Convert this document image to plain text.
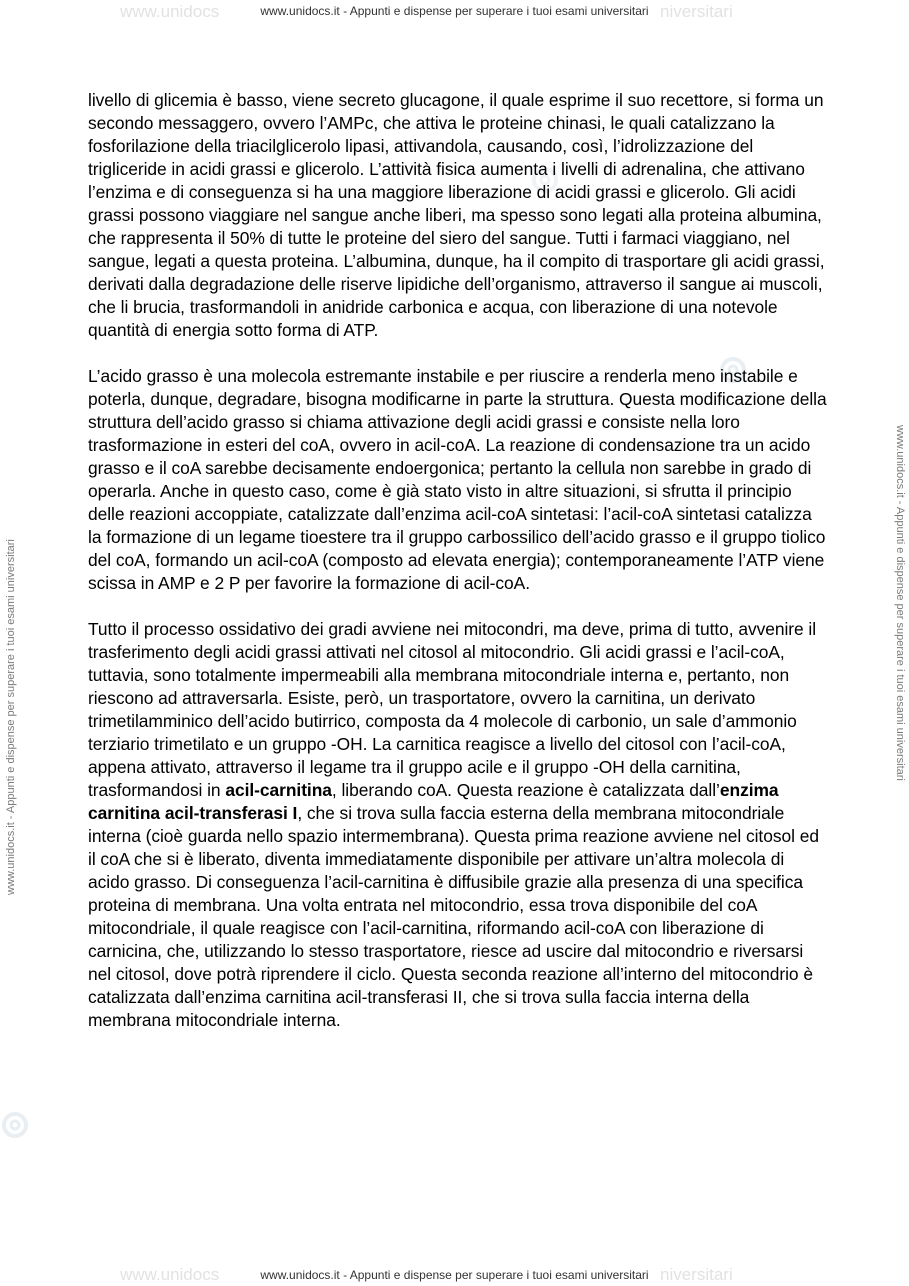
www.unidocs	niversitari
www.unidocs	niversitari
www.unidocs.it - Appunti e dispense per superare i tuoi esami universitari
www.unidocs.it - Appunti e dispense per superare i tuoi esami universitari	www.unidocs.it - Appunti e dispense per superare i tuoi esami universitari

livello di glicemia è basso, viene secreto glucagone, il quale esprime il suo recettore, si forma un secondo messaggero, ovvero l’AMPc, che attiva le proteine chinasi, le quali catalizzano la fosforilazione della triacilglicerolo lipasi, attivandola, causando, così, l’idrolizzazione del trigliceride in acidi grassi e glicerolo. L’attività fisica aumenta i livelli di adrenalina, che attivano l’enzima e di conseguenza si ha una maggiore liberazione di acidi grassi e glicerolo. Gli acidi grassi possono viaggiare nel sangue anche liberi, ma spesso sono legati alla proteina albumina, che rappresenta il 50% di tutte le proteine del siero del sangue. Tutti i farmaci viaggiano, nel sangue, legati a questa proteina. L’albumina, dunque, ha il compito di trasportare gli acidi grassi, derivati dalla degradazione delle riserve lipidiche dell’organismo, attraverso il sangue ai muscoli, che li brucia, trasformandoli in anidride carbonica e acqua, con liberazione di una notevole quantità di energia sotto forma di ATP.

L’acido grasso è una molecola estremante instabile e per riuscire a renderla meno instabile e poterla, dunque, degradare, bisogna modificarne in parte la struttura. Questa modificazione della struttura dell’acido grasso si chiama attivazione degli acidi grassi e consiste nella loro trasformazione in esteri del coA, ovvero in acil-coA. La reazione di condensazione tra un acido grasso e il coA sarebbe decisamente endoergonica; pertanto la cellula non sarebbe in grado di operarla. Anche in questo caso, come è già stato visto in altre situazioni, si sfrutta il principio delle reazioni accoppiate, catalizzate dall’enzima acil-coA sintetasi: l’acil-coA sintetasi catalizza la formazione di un legame tioestere tra il gruppo carbossilico dell’acido grasso e il gruppo tiolico del coA, formando un acil-coA (composto ad elevata energia); contemporaneamente l’ATP viene scissa in AMP e 2 P per favorire la formazione di acil-coA.

Tutto il processo ossidativo dei gradi avviene nei mitocondri, ma deve, prima di tutto, avvenire il trasferimento degli acidi grassi attivati nel citosol al mitocondrio. Gli acidi grassi e l’acil-coA, tuttavia, sono totalmente impermeabili alla membrana mitocondriale interna e, pertanto, non riescono ad attraversarla. Esiste, però, un trasportatore, ovvero la carnitina, un derivato trimetilamminico dell’acido butirrico, composta da 4 molecole di carbonio, un sale d’ammonio terziario trimetilato e un gruppo -OH. La carnitica reagisce a livello del citosol con l’acil-coA, appena attivato, attraverso il legame tra il gruppo acile e il gruppo -OH della carnitina, trasformandosi in acil-carnitina, liberando coA. Questa reazione è catalizzata dall’enzima carnitina acil-transferasi I, che si trova sulla faccia esterna della membrana mitocondriale interna (cioè guarda nello spazio intermembrana). Questa prima reazione avviene nel citosol ed il coA che si è liberato, diventa immediatamente disponibile per attivare un’altra molecola di acido grasso. Di conseguenza l’acil-carnitina è diffusibile grazie alla presenza di una specifica proteina di membrana. Una volta entrata nel mitocondrio, essa trova disponibile del coA mitocondriale, il quale reagisce con l’acil-carnitina, riformando acil-coA con liberazione di carnicina, che, utilizzando lo stesso trasportatore, riesce ad uscire dal mitocondrio e riversarsi nel citosol, dove potrà riprendere il ciclo. Questa seconda reazione all’interno del mitocondrio è catalizzata dall’enzima carnitina acil-transferasi II, che si trova sulla faccia interna della membrana mitocondriale interna.

www.unidocs.it - Appunti e dispense per superare i tuoi esami universitari
